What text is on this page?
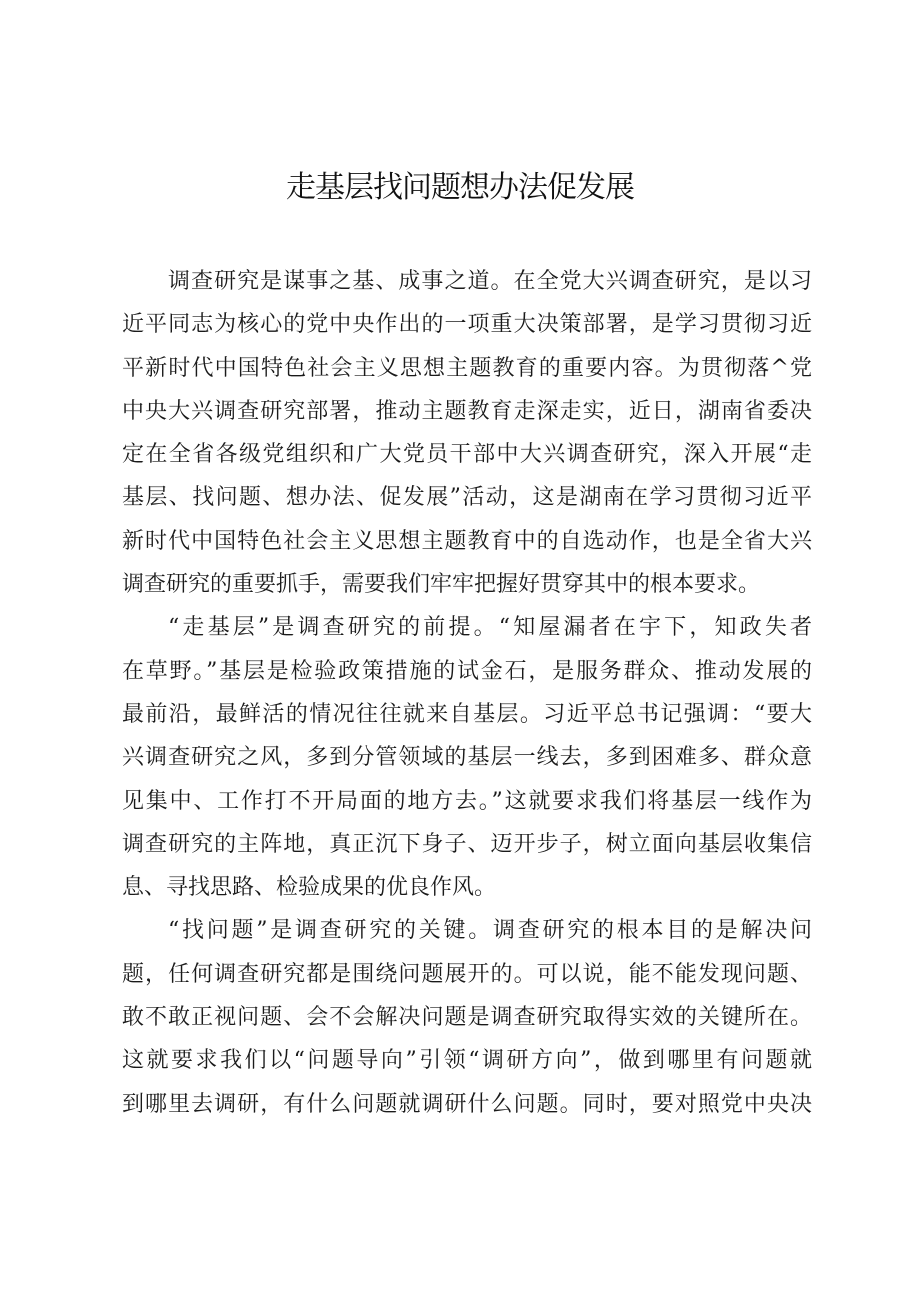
走基层找问题想办法促发展
调查研究是谋事之基、成事之道。在全党大兴调查研究，是以习
近平同志为核心的党中央作出的一项重大决策部署，是学习贯彻习近
平新时代中国特色社会主义思想主题教育的重要内容。为贯彻落^党
中央大兴调查研究部署，推动主题教育走深走实，近日，湖南省委决
定在全省各级党组织和广大党员干部中大兴调查研究，深入开展“走
基层、找问题、想办法、促发展”活动，这是湖南在学习贯彻习近平
新时代中国特色社会主义思想主题教育中的自选动作，也是全省大兴
调查研究的重要抓手，需要我们牢牢把握好贯穿其中的根本要求。
“走基层”是调查研究的前提。“知屋漏者在宇下，知政失者
在草野。”基层是检验政策措施的试金石，是服务群众、推动发展的
最前沿，最鲜活的情况往往就来自基层。习近平总书记强调：“要大
兴调查研究之风，多到分管领域的基层一线去，多到困难多、群众意
见集中、工作打不开局面的地方去。”这就要求我们将基层一线作为
调查研究的主阵地，真正沉下身子、迈开步子，树立面向基层收集信
息、寻找思路、检验成果的优良作风。
“找问题”是调查研究的关键。调查研究的根本目的是解决问
题，任何调查研究都是围绕问题展开的。可以说，能不能发现问题、
敢不敢正视问题、会不会解决问题是调查研究取得实效的关键所在。
这就要求我们以“问题导向”引领“调研方向”，做到哪里有问题就
到哪里去调研，有什么问题就调研什么问题。同时，要对照党中央决
